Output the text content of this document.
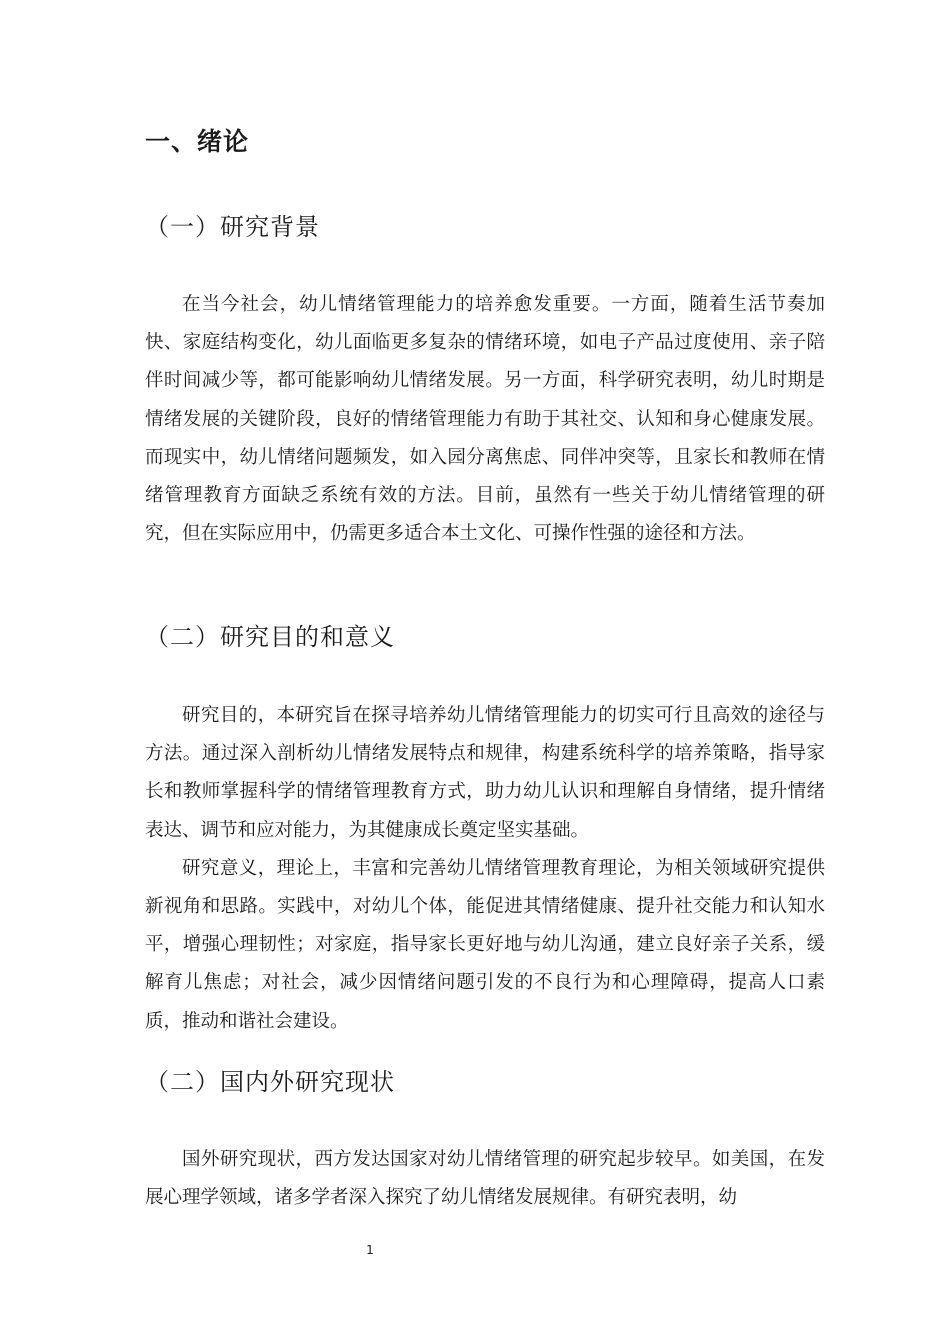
一、绪论
（一）研究背景

在当今社会，幼儿情绪管理能力的培养愈发重要。一方面，随着生活节奏加快、家庭结构变化，幼儿面临更多复杂的情绪环境，如电子产品过度使用、亲子陪伴时间减少等，都可能影响幼儿情绪发展。另一方面，科学研究表明，幼儿时期是情绪发展的关键阶段，良好的情绪管理能力有助于其社交、认知和身心健康发展。而现实中，幼儿情绪问题频发，如入园分离焦虑、同伴冲突等，且家长和教师在情绪管理教育方面缺乏系统有效的方法。目前，虽然有一些关于幼儿情绪管理的研究，但在实际应用中，仍需更多适合本土文化、可操作性强的途径和方法。

（二）研究目的和意义

研究目的，本研究旨在探寻培养幼儿情绪管理能力的切实可行且高效的途径与方法。通过深入剖析幼儿情绪发展特点和规律，构建系统科学的培养策略，指导家长和教师掌握科学的情绪管理教育方式，助力幼儿认识和理解自身情绪，提升情绪表达、调节和应对能力，为其健康成长奠定坚实基础。

研究意义，理论上，丰富和完善幼儿情绪管理教育理论，为相关领域研究提供新视角和思路。实践中，对幼儿个体，能促进其情绪健康、提升社交能力和认知水平，增强心理韧性；对家庭，指导家长更好地与幼儿沟通，建立良好亲子关系，缓解育儿焦虑；对社会，减少因情绪问题引发的不良行为和心理障碍，提高人口素质，推动和谐社会建设。

（二）国内外研究现状

国外研究现状，西方发达国家对幼儿情绪管理的研究起步较早。如美国，在发展心理学领域，诸多学者深入探究了幼儿情绪发展规律。有研究表明，幼

1
